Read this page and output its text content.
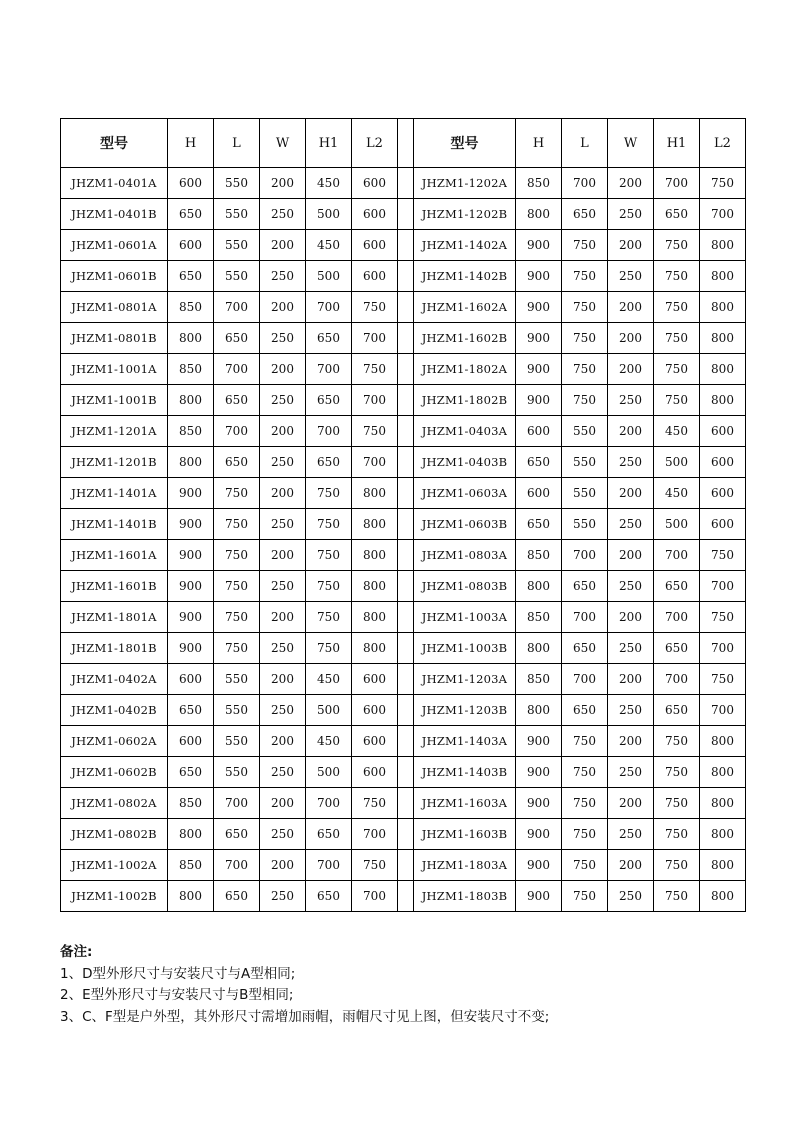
型号	H	L	W	H1	L2		型号	H	L	W	H1	L2
JHZM1-0401A	600	550	200	450	600		JHZM1-1202A	850	700	200	700	750
JHZM1-0401B	650	550	250	500	600		JHZM1-1202B	800	650	250	650	700
JHZM1-0601A	600	550	200	450	600		JHZM1-1402A	900	750	200	750	800
JHZM1-0601B	650	550	250	500	600		JHZM1-1402B	900	750	250	750	800
JHZM1-0801A	850	700	200	700	750		JHZM1-1602A	900	750	200	750	800
JHZM1-0801B	800	650	250	650	700		JHZM1-1602B	900	750	200	750	800
JHZM1-1001A	850	700	200	700	750		JHZM1-1802A	900	750	200	750	800
JHZM1-1001B	800	650	250	650	700		JHZM1-1802B	900	750	250	750	800
JHZM1-1201A	850	700	200	700	750		JHZM1-0403A	600	550	200	450	600
JHZM1-1201B	800	650	250	650	700		JHZM1-0403B	650	550	250	500	600
JHZM1-1401A	900	750	200	750	800		JHZM1-0603A	600	550	200	450	600
JHZM1-1401B	900	750	250	750	800		JHZM1-0603B	650	550	250	500	600
JHZM1-1601A	900	750	200	750	800		JHZM1-0803A	850	700	200	700	750
JHZM1-1601B	900	750	250	750	800		JHZM1-0803B	800	650	250	650	700
JHZM1-1801A	900	750	200	750	800		JHZM1-1003A	850	700	200	700	750
JHZM1-1801B	900	750	250	750	800		JHZM1-1003B	800	650	250	650	700
JHZM1-0402A	600	550	200	450	600		JHZM1-1203A	850	700	200	700	750
JHZM1-0402B	650	550	250	500	600		JHZM1-1203B	800	650	250	650	700
JHZM1-0602A	600	550	200	450	600		JHZM1-1403A	900	750	200	750	800
JHZM1-0602B	650	550	250	500	600		JHZM1-1403B	900	750	250	750	800
JHZM1-0802A	850	700	200	700	750		JHZM1-1603A	900	750	200	750	800
JHZM1-0802B	800	650	250	650	700		JHZM1-1603B	900	750	250	750	800
JHZM1-1002A	850	700	200	700	750		JHZM1-1803A	900	750	200	750	800
JHZM1-1002B	800	650	250	650	700		JHZM1-1803B	900	750	250	750	800
备注:
1、D型外形尺寸与安装尺寸与A型相同;
2、E型外形尺寸与安装尺寸与B型相同;
3、C、F型是户外型，其外形尺寸需增加雨帽，雨帽尺寸见上图，但安装尺寸不变;
